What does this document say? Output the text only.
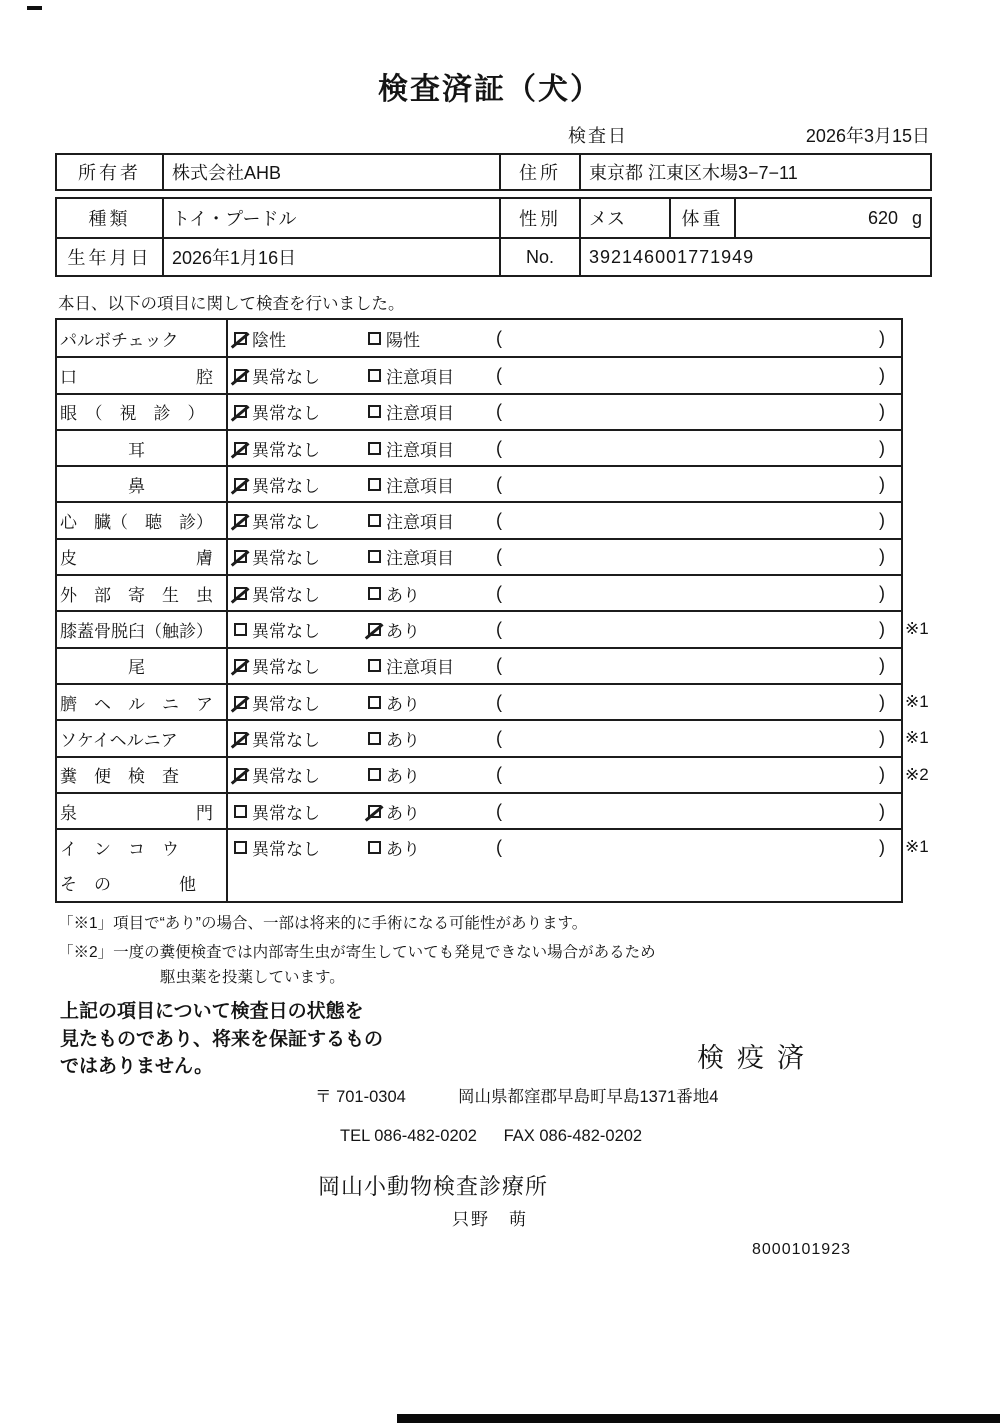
検査済証（犬）
検査日	2026年3月15日
所有者	株式会社AHB	住所	東京都 江東区木場3−7−11
種類	トイ・プードル	性別	メス	体重	620 g
生年月日	2026年1月16日	No.	392146001771949
本日、以下の項目に関して検査を行いました。
パルボチェック	陰性	陽性	(	)
口　　　　　　　腔	異常なし	注意項目 (	)
眼　（　視　診　）	異常なし	注意項目 (	)
　　　　耳	異常なし	注意項目 (	)
　　　　鼻	異常なし	注意項目 (	)
心　臓（　聴　診）	異常なし	注意項目 (	)
皮　　　　　　　膚	異常なし	注意項目 (	)
外　部　寄　生　虫	異常なし	あり	(	)
膝蓋骨脱臼（触診）	異常なし	あり	(	) ※1
　　　　尾	異常なし	注意項目 (	)
臍　ヘ　ル　ニ　ア	異常なし	あり	(	) ※1
ソケイヘルニア	異常なし	あり	(	) ※1
糞　便　検　査	異常なし	あり	(	) ※2
泉　　　　　　　門	異常なし	あり	(	)
イ　ン　コ　ウ	異常なし	あり	(	) ※1
そ　の　　　　他
「※1」項目で“あり”の場合、一部は将来的に手術になる可能性があります。
「※2」一度の糞便検査では内部寄生虫が寄生していても発見できない場合があるため
駆虫薬を投薬しています。
上記の項目について検査日の状態を
見たものであり、将来を保証するもの
ではありません。	検疫済
〒 701-0304	岡山県都窪郡早島町早島1371番地4
TEL 086-482-0202 FAX 086-482-0202
岡山小動物検査診療所
只野　萌
8000101923
